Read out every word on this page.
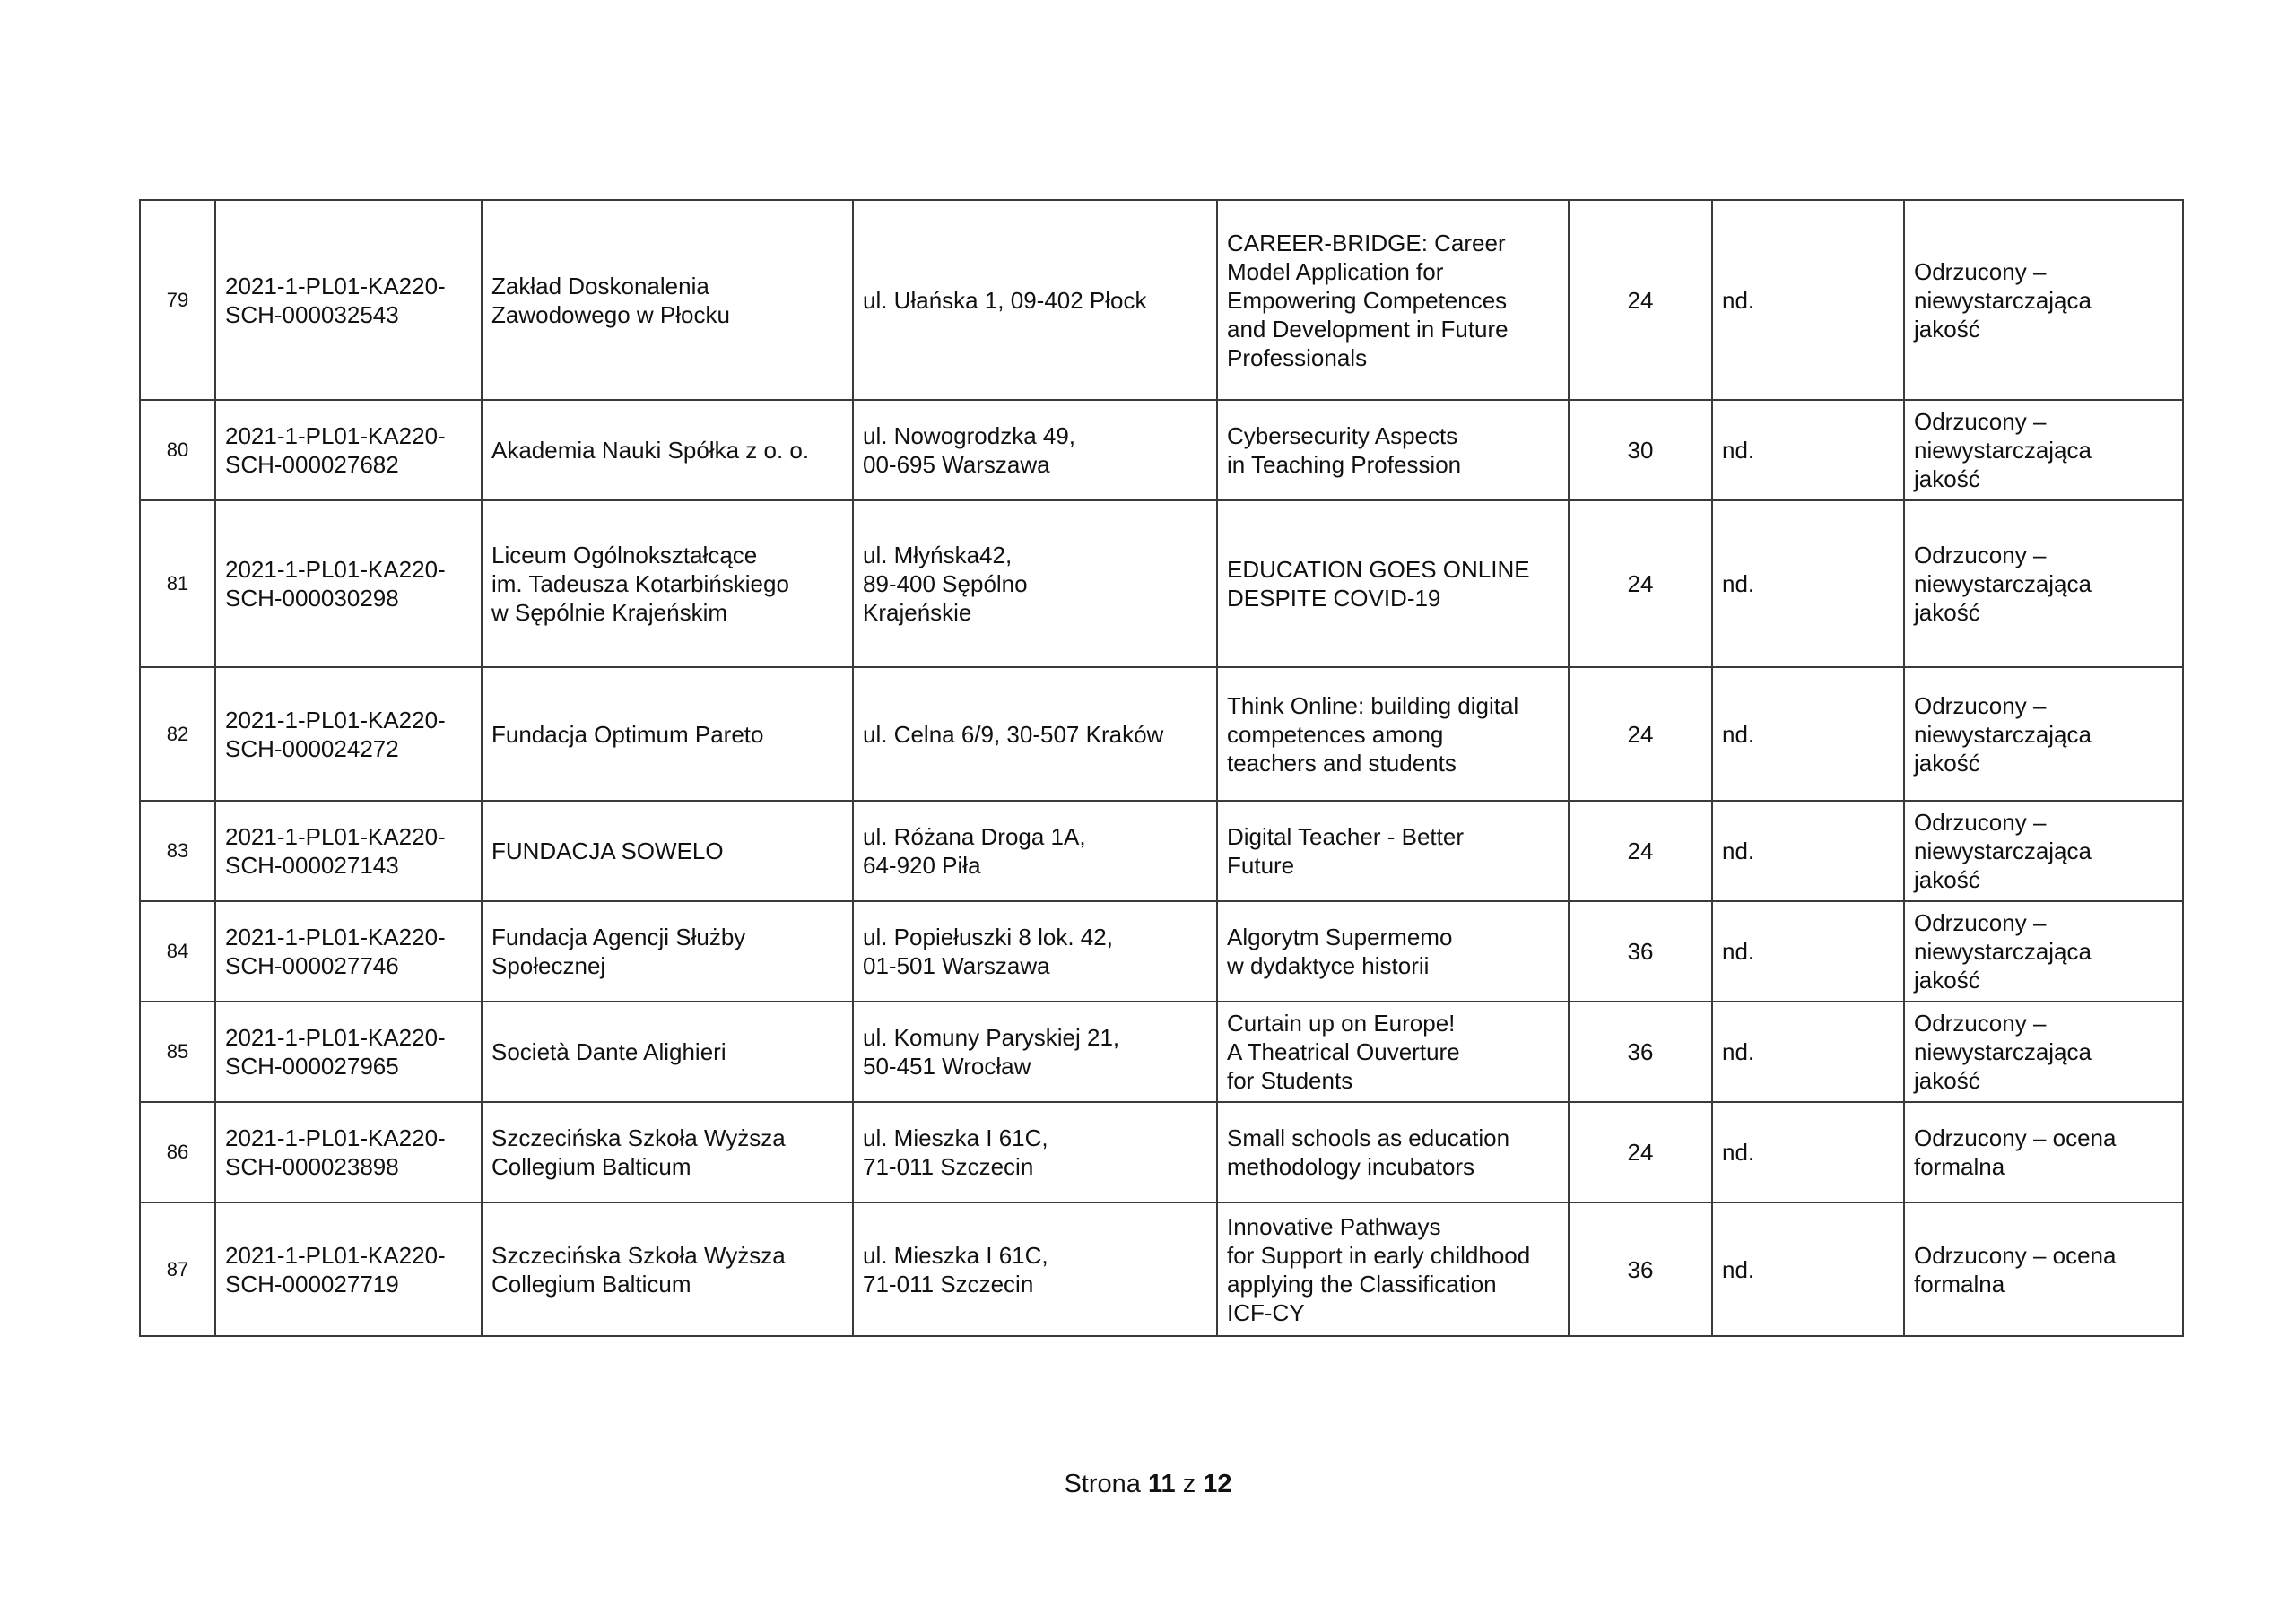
79	2021-1-PL01-KA220-
SCH-000032543	Zakład Doskonalenia
Zawodowego w Płocku	ul. Ułańska 1, 09-402 Płock	CAREER-BRIDGE: Career
Model Application for
Empowering Competences
and Development in Future
Professionals	24	nd.	Odrzucony –
niewystarczająca
jakość

80	2021-1-PL01-KA220-
SCH-000027682	Akademia Nauki Spółka z o. o.	ul. Nowogrodzka 49,
00-695 Warszawa	Cybersecurity Aspects
in Teaching Profession	30	nd.	Odrzucony –
niewystarczająca
jakość

81	2021-1-PL01-KA220-
SCH-000030298	Liceum Ogólnokształcące
im. Tadeusza Kotarbińskiego
w Sępólnie Krajeńskim	ul. Młyńska42,
89-400 Sępólno
Krajeńskie	EDUCATION GOES ONLINE
DESPITE COVID-19	24	nd.	Odrzucony –
niewystarczająca
jakość

82	2021-1-PL01-KA220-
SCH-000024272	Fundacja Optimum Pareto	ul. Celna 6/9, 30-507 Kraków	Think Online: building digital
competences among
teachers and students	24	nd.	Odrzucony –
niewystarczająca
jakość

83	2021-1-PL01-KA220-
SCH-000027143	FUNDACJA SOWELO	ul. Różana Droga 1A,
64-920 Piła	Digital Teacher - Better
Future	24	nd.	Odrzucony –
niewystarczająca
jakość

84	2021-1-PL01-KA220-
SCH-000027746	Fundacja Agencji Służby
Społecznej	ul. Popiełuszki 8 lok. 42,
01-501 Warszawa	Algorytm Supermemo
w dydaktyce historii	36	nd.	Odrzucony –
niewystarczająca
jakość

85	2021-1-PL01-KA220-
SCH-000027965	Società Dante Alighieri	ul. Komuny Paryskiej 21,
50-451 Wrocław	Curtain up on Europe!
A Theatrical Ouverture
for Students	36	nd.	Odrzucony –
niewystarczająca
jakość

86	2021-1-PL01-KA220-
SCH-000023898	Szczecińska Szkoła Wyższa
Collegium Balticum	ul. Mieszka I 61C,
71-011 Szczecin	Small schools as education
methodology incubators	24	nd.	Odrzucony – ocena
formalna

87	2021-1-PL01-KA220-
SCH-000027719	Szczecińska Szkoła Wyższa
Collegium Balticum	ul. Mieszka I 61C,
71-011 Szczecin	Innovative Pathways
for Support in early childhood
applying the Classification
ICF-CY	36	nd.	Odrzucony – ocena
formalna
Strona 11 z 12
